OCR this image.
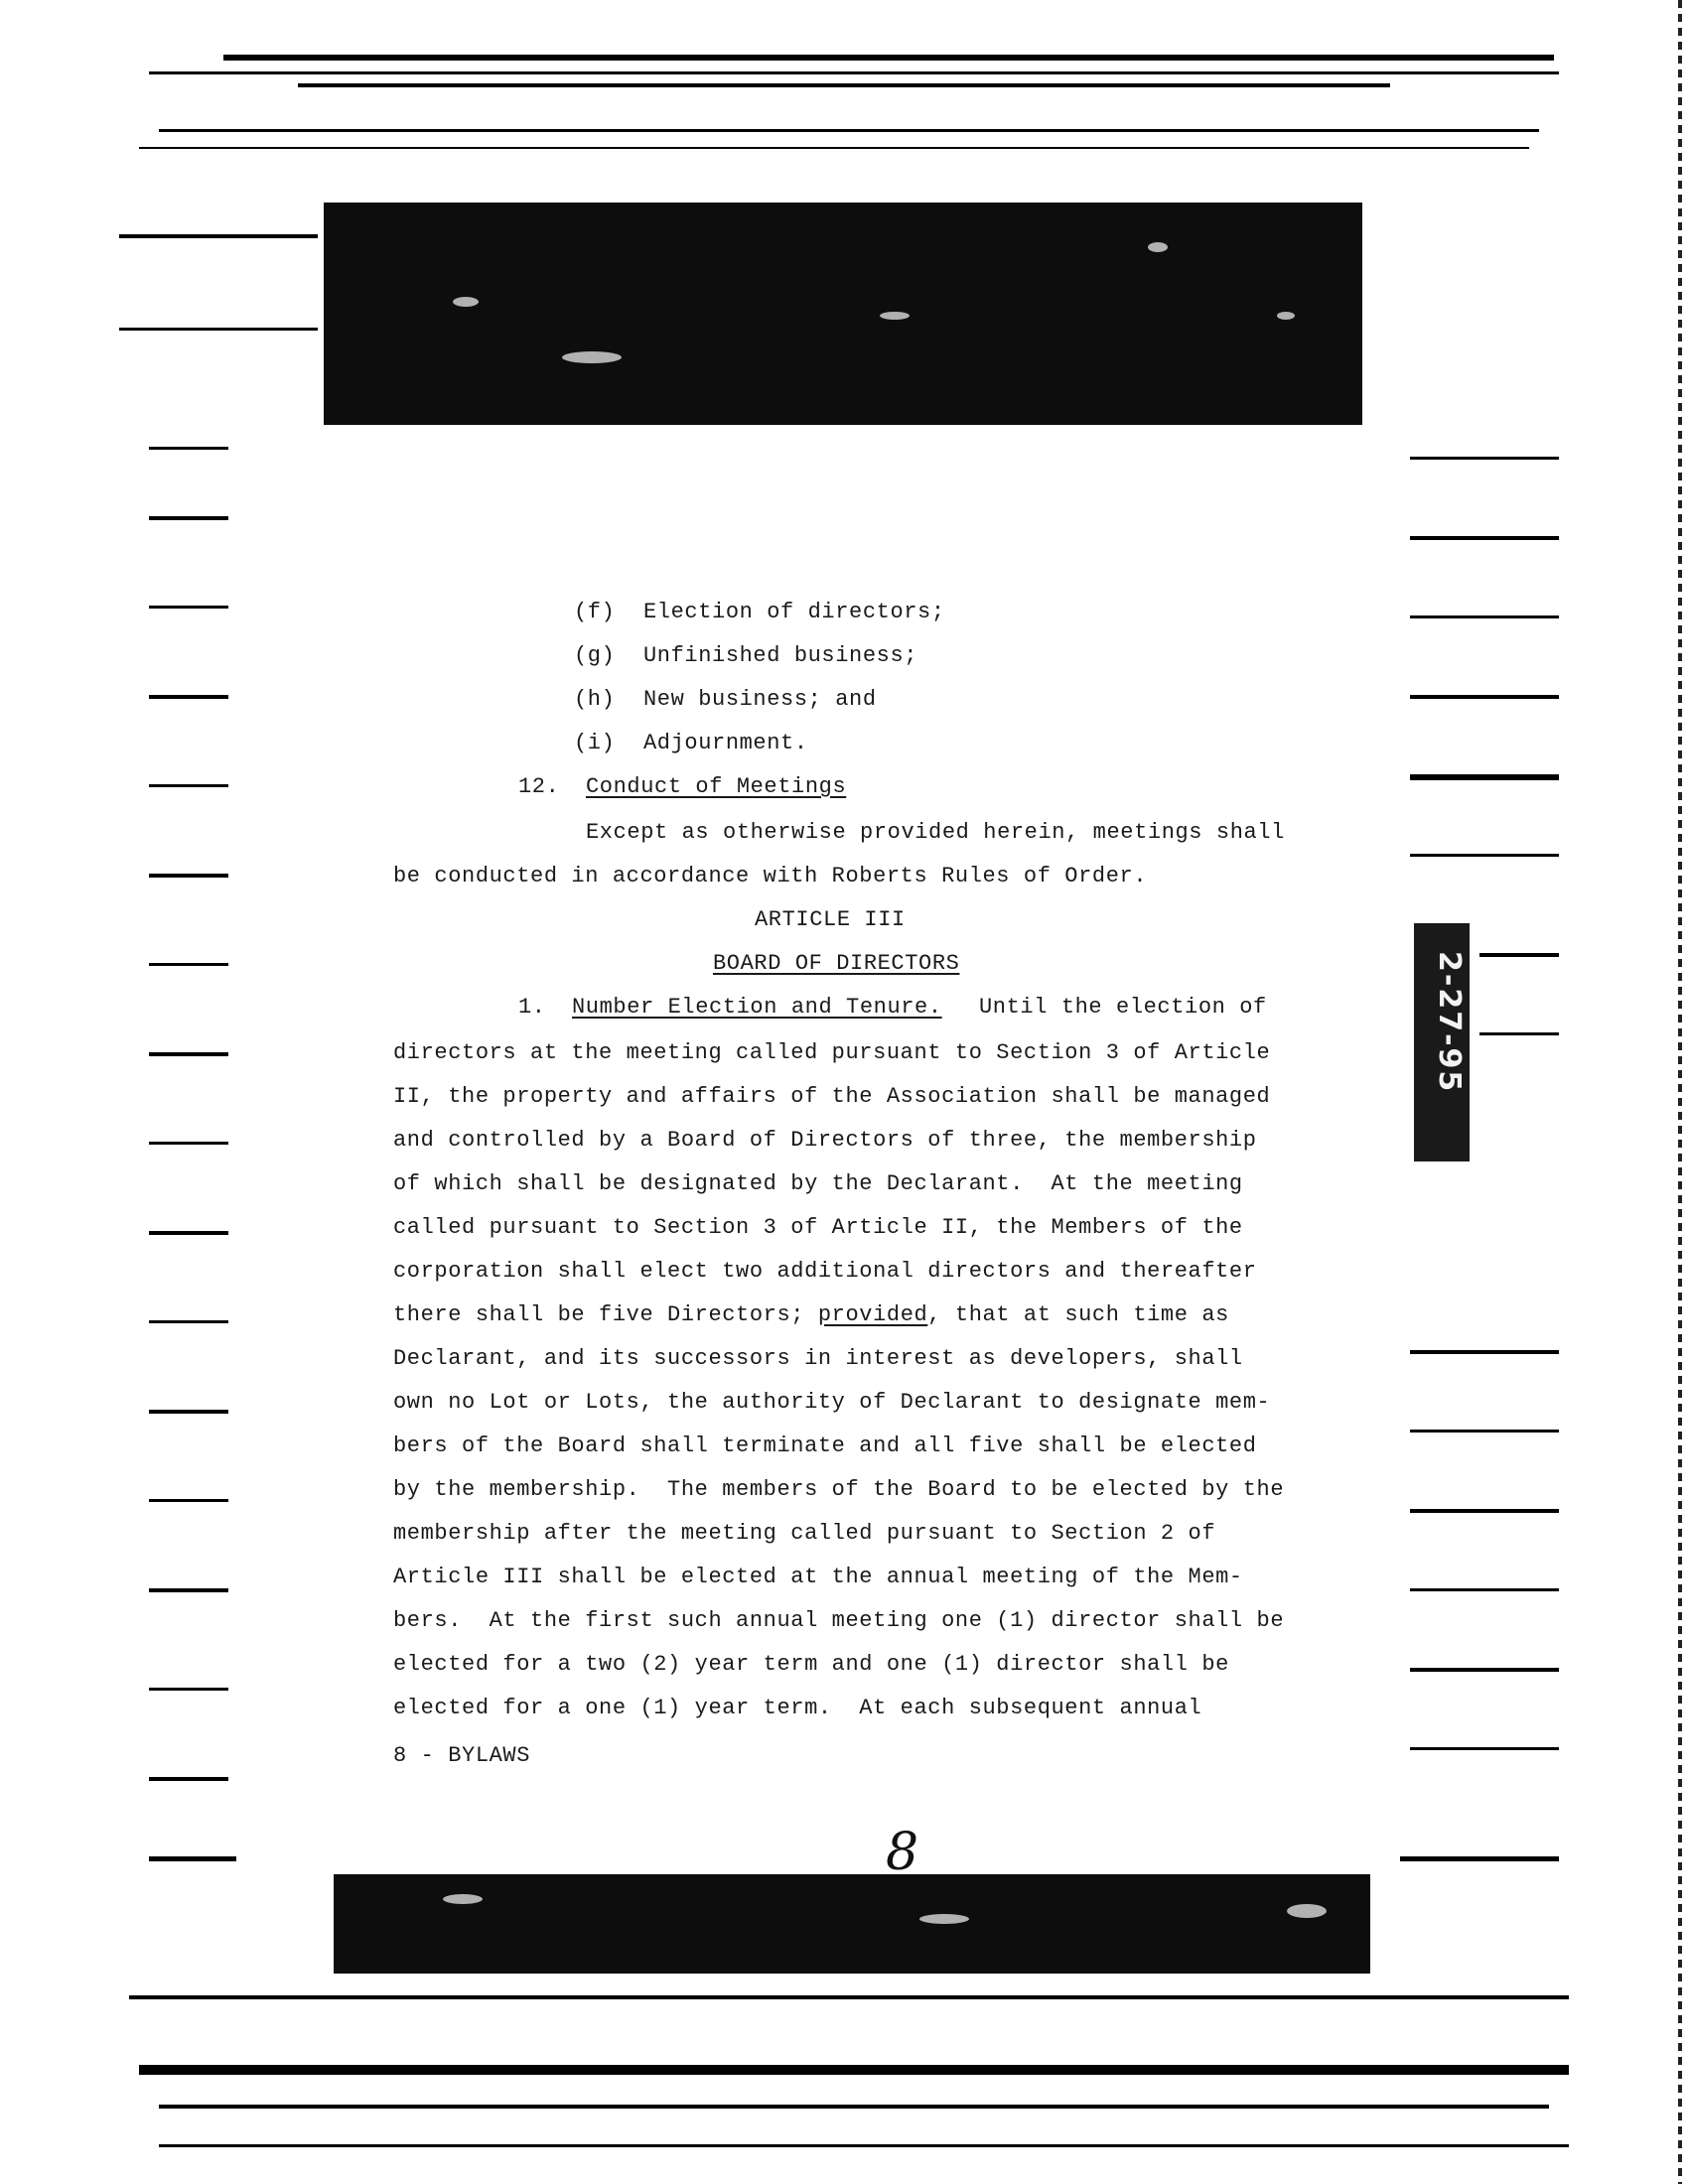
(f) Election of directors;
(g) Unfinished business;
(h) New business; and
(i) Adjournment.
12. Conduct of Meetings
Except as otherwise provided herein, meetings shall
be conducted in accordance with Roberts Rules of Order.
ARTICLE III
BOARD OF DIRECTORS
1. Number Election and Tenure. Until the election of
directors at the meeting called pursuant to Section 3 of Article
II, the property and affairs of the Association shall be managed
and controlled by a Board of Directors of three, the membership
of which shall be designated by the Declarant.  At the meeting
called pursuant to Section 3 of Article II, the Members of the
corporation shall elect two additional directors and thereafter
there shall be five Directors; provided, that at such time as
Declarant, and its successors in interest as developers, shall
own no Lot or Lots, the authority of Declarant to designate mem-
bers of the Board shall terminate and all five shall be elected
by the membership.  The members of the Board to be elected by the
membership after the meeting called pursuant to Section 2 of
Article III shall be elected at the annual meeting of the Mem-
bers.  At the first such annual meeting one (1) director shall be
elected for a two (2) year term and one (1) director shall be
elected for a one (1) year term.  At each subsequent annual
8 - BYLAWS
8
2-27-95
